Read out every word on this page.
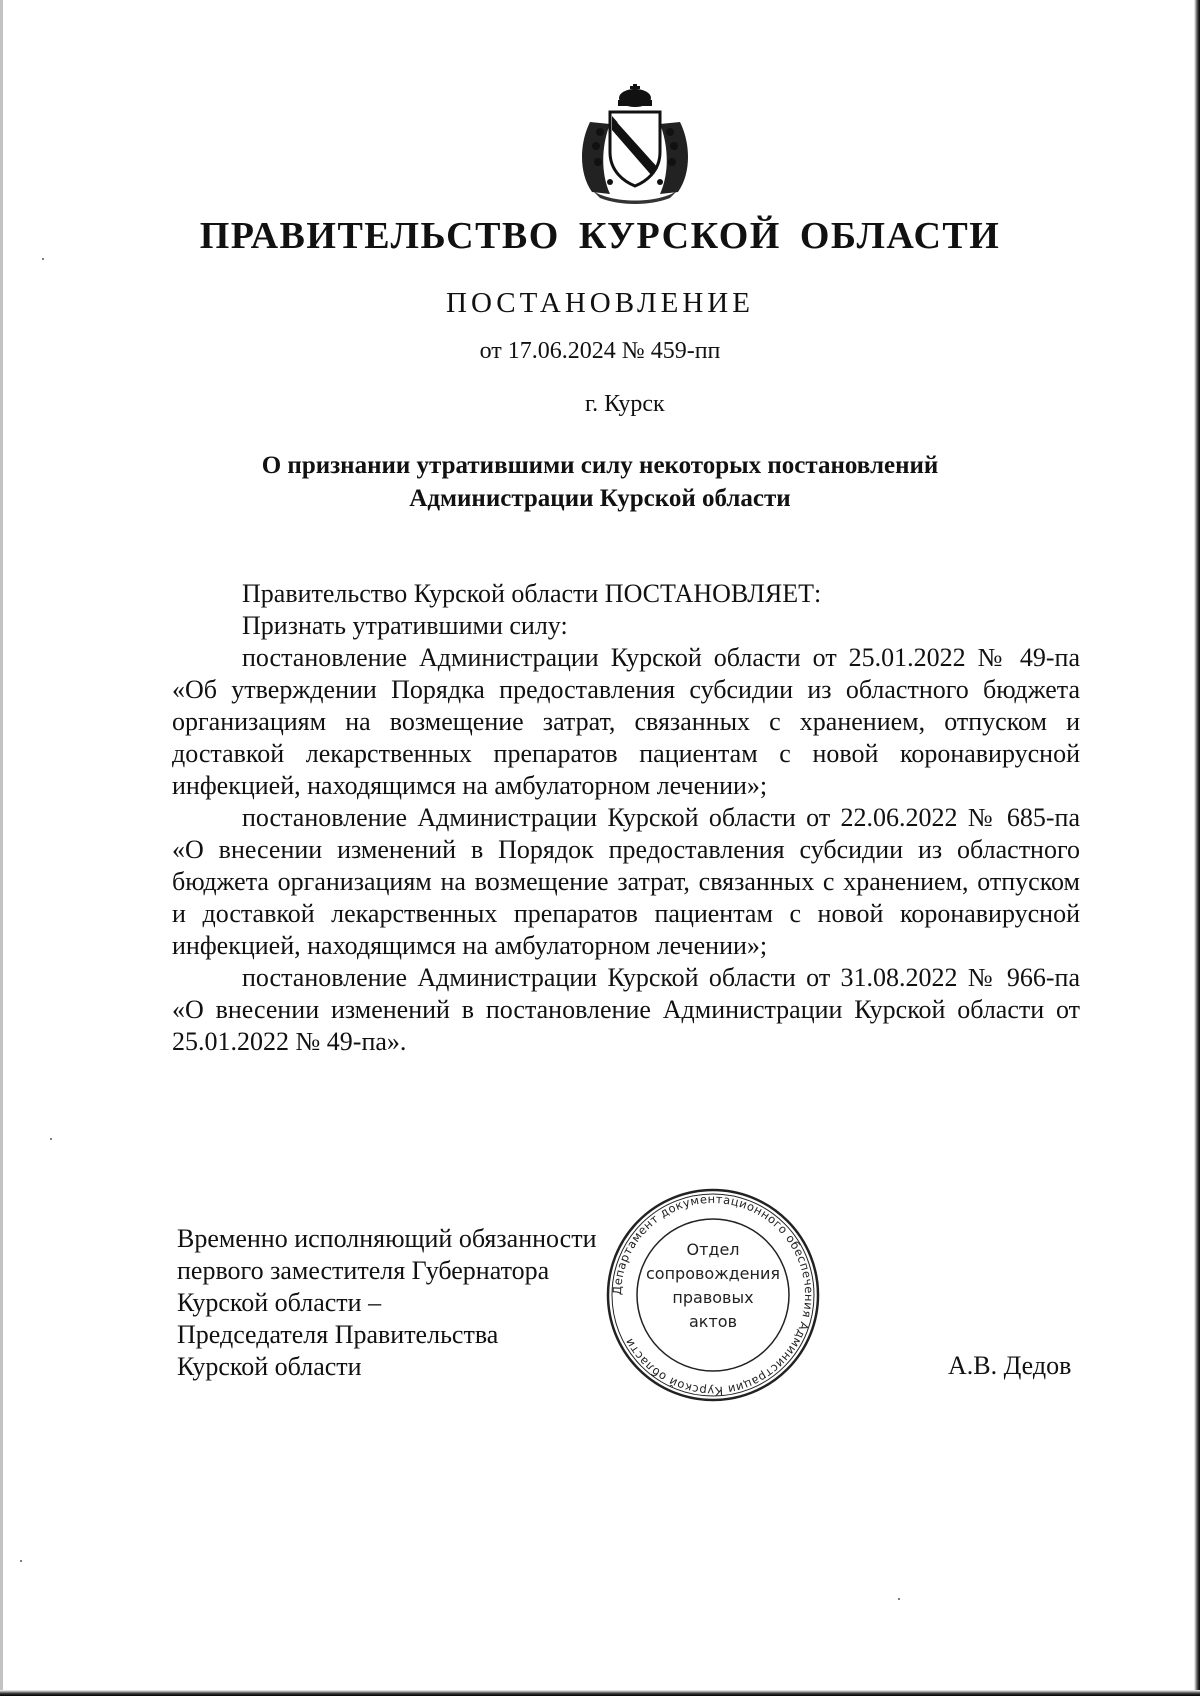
ПРАВИТЕЛЬСТВО КУРСКОЙ ОБЛАСТИ
ПОСТАНОВЛЕНИЕ
от 17.06.2024 № 459-пп
г. Курск
О признании утратившими силу некоторых постановлений
Администрации Курской области

Правительство Курской области ПОСТАНОВЛЯЕТ:

Признать утратившими силу:

постановление Администрации Курской области от 25.01.2022 № 49-па «Об утверждении Порядка предоставления субсидии из областного бюджета организациям на возмещение затрат, связанных с хранением, отпуском и доставкой лекарственных препаратов пациентам с новой коронавирусной инфекцией, находящимся на амбулаторном лечении»;

постановление Администрации Курской области от 22.06.2022 № 685-па «О внесении изменений в Порядок предоставления субсидии из областного бюджета организациям на возмещение затрат, связанных с хранением, отпуском и доставкой лекарственных препаратов пациентам с новой коронавирусной инфекцией, находящимся на амбулаторном лечении»;

постановление Администрации Курской области от 31.08.2022 № 966-па «О внесении изменений в постановление Администрации Курской области от 25.01.2022 № 49-па».

Временно исполняющий обязанности
первого заместителя Губернатора
Курской области –
Председателя Правительства
Курской области
Департамент документационного обеспечения Администрации Курской области
Отдел
сопровождения
правовых
актов
А.В. Дедов
